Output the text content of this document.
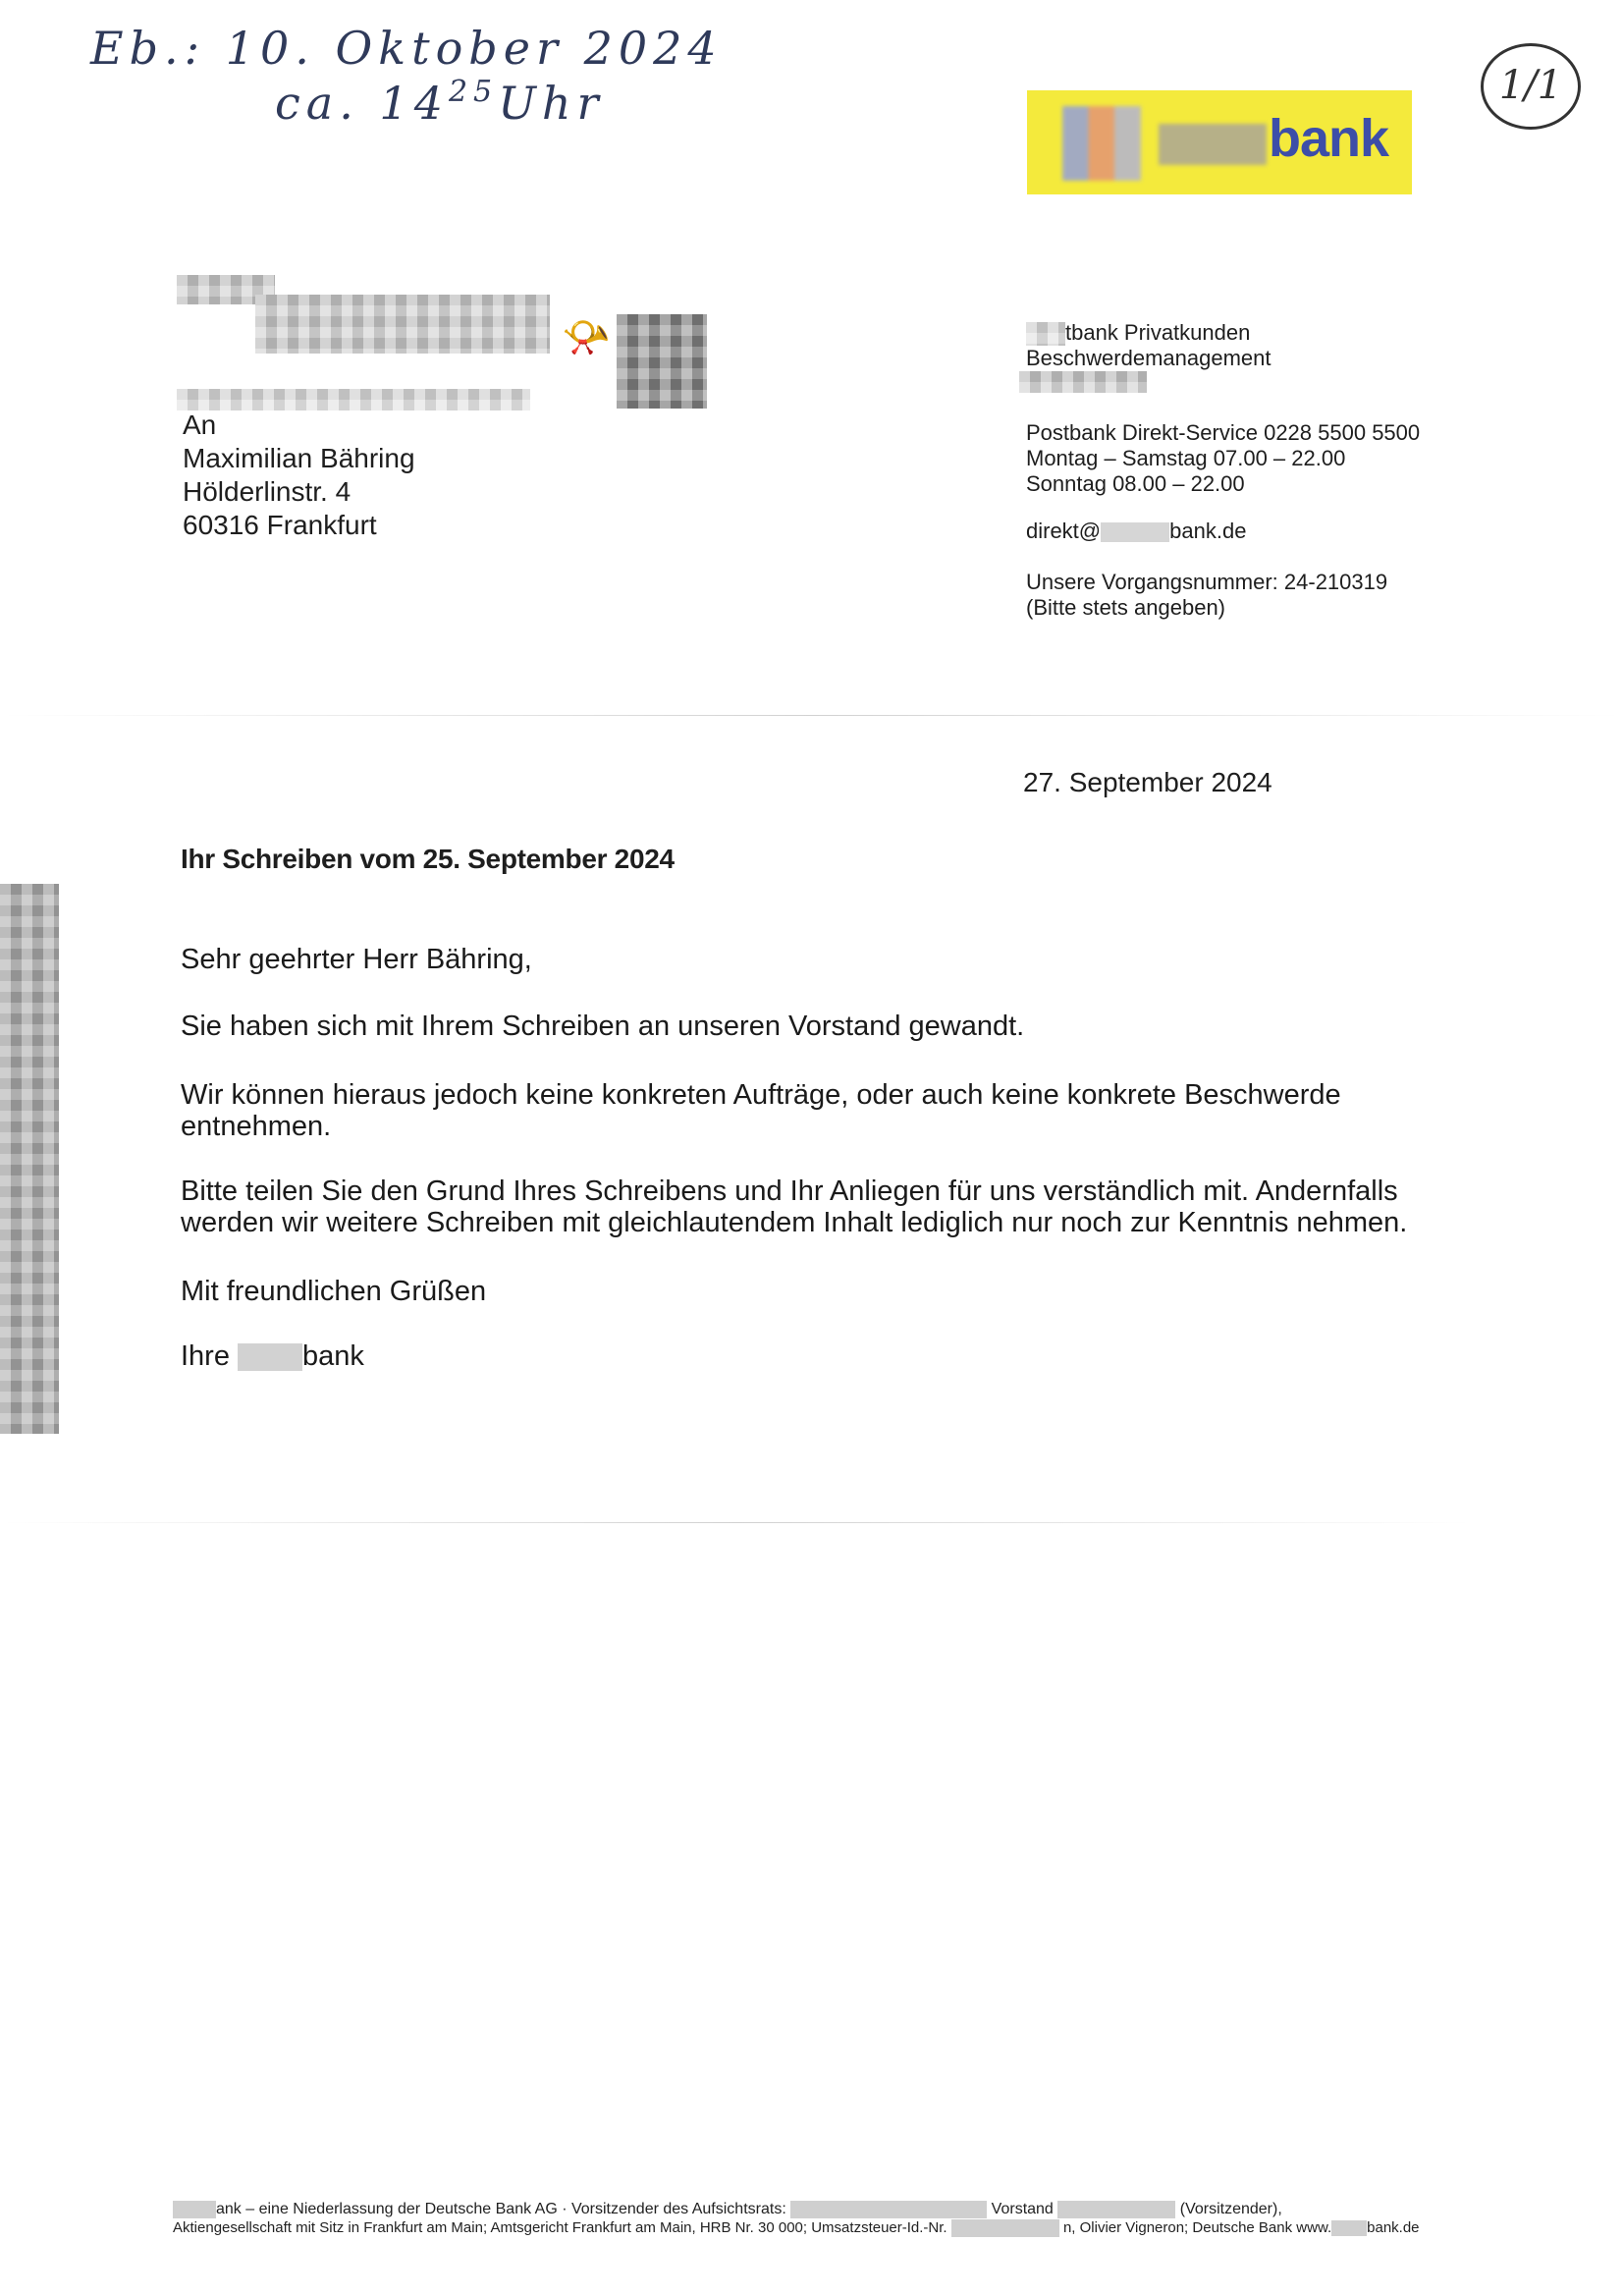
Eb.: 10. Oktober 2024
ca. $14^{25}Uhr$	1/1
bank
📯
An
Maximilian Bähring
Hölderlinstr. 4
60316 Frankfurt
tbank Privatkunden
Beschwerdemanagement
Postbank Direkt-Service 0228 5500 5500
Montag – Samstag 07.00 – 22.00
Sonntag 08.00 – 22.00
direkt@	bank.de
Unsere Vorgangsnummer: 24-210319
(Bitte stets angeben)
27. September 2024
Ihr Schreiben vom 25. September 2024
Sehr geehrter Herr Bähring,
Sie haben sich mit Ihrem Schreiben an unseren Vorstand gewandt.
Wir können hieraus jedoch keine konkreten Aufträge, oder auch keine konkrete Beschwerde
entnehmen.
Bitte teilen Sie den Grund Ihres Schreibens und Ihr Anliegen für uns verständlich mit. Andernfalls
werden wir weitere Schreiben mit gleichlautendem Inhalt lediglich nur noch zur Kenntnis nehmen.
Mit freundlichen Grüßen
Ihre	bank
ank – eine Niederlassung der Deutsche Bank AG · Vorsitzender des Aufsichtsrats:	Vorstand	(Vorsitzender),
Aktiengesellschaft mit Sitz in Frankfurt am Main; Amtsgericht Frankfurt am Main, HRB Nr. 30 000; Umsatzsteuer-Id.-Nr.	n, Olivier Vigneron; Deutsche Bank www. bank.de
